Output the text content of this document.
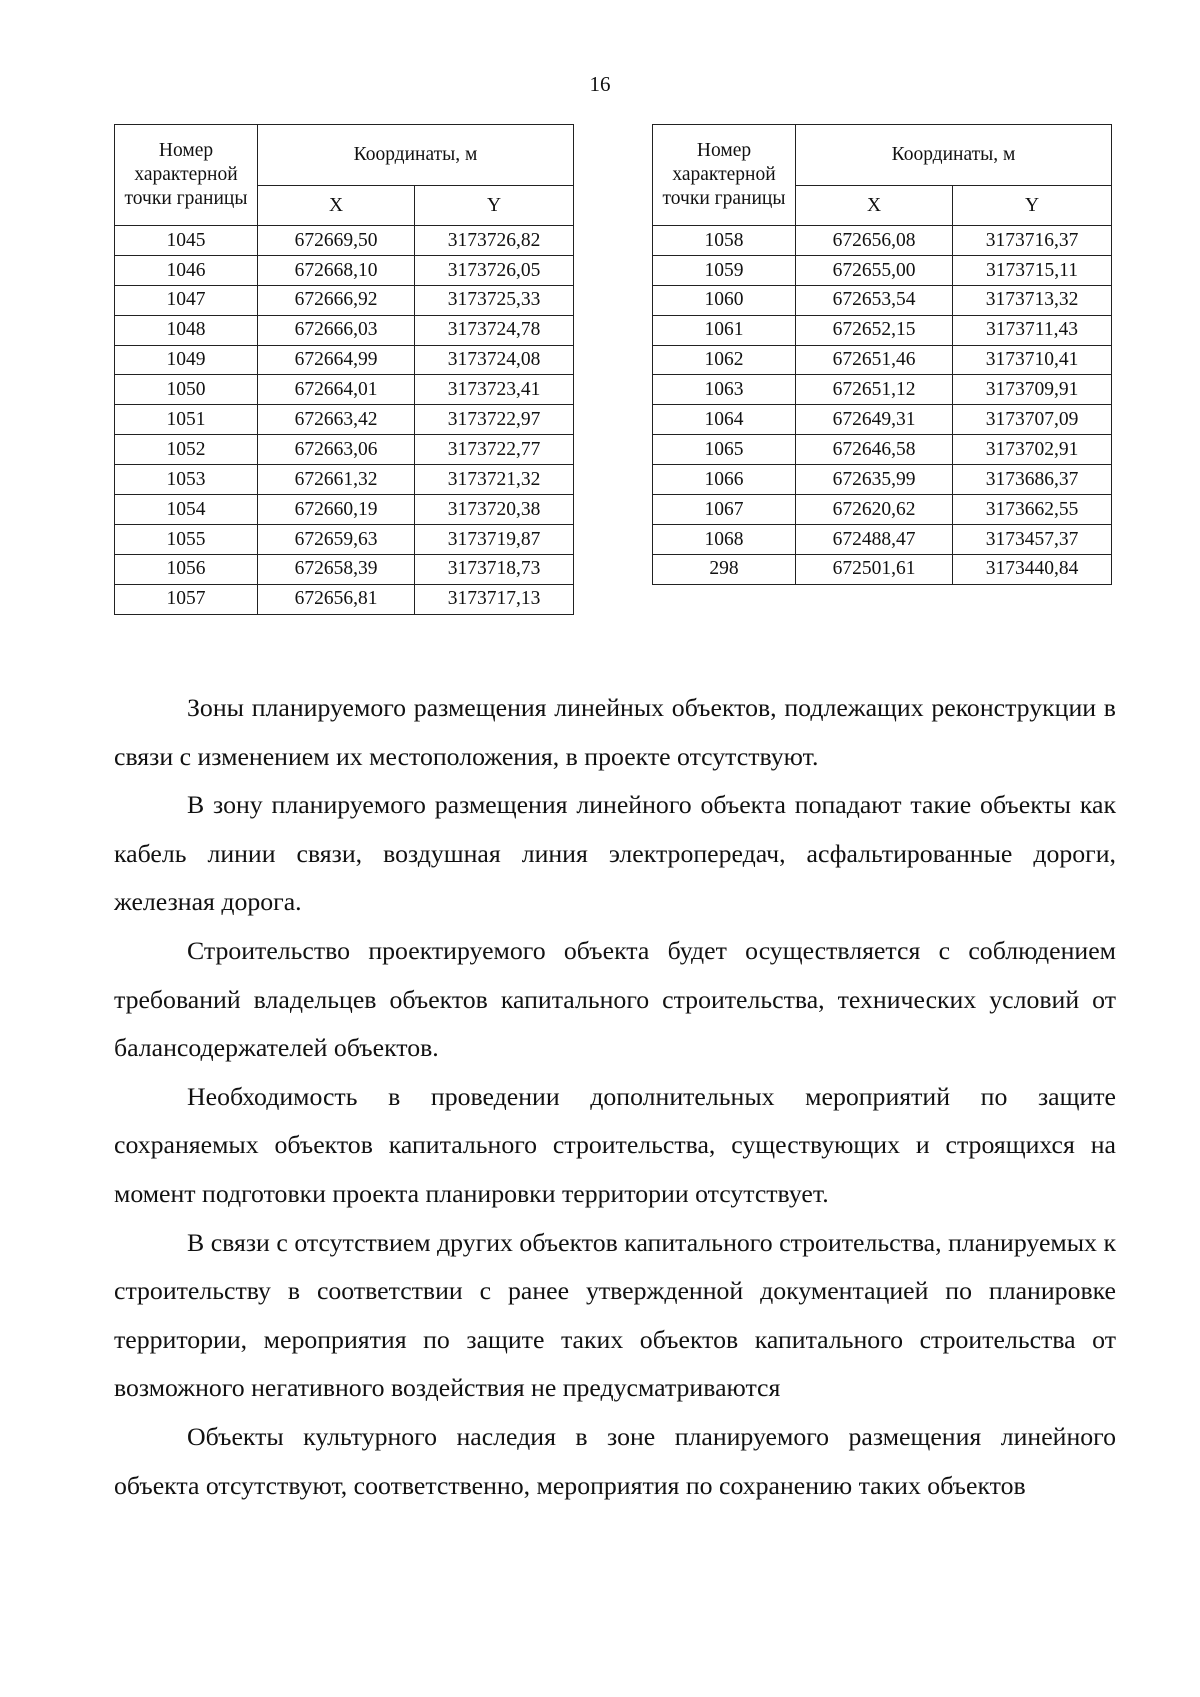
16
Номер характерной точки границы	Координаты, м	
	X	Y
1045	672669,50	3173726,82
1046	672668,10	3173726,05
1047	672666,92	3173725,33
1048	672666,03	3173724,78
1049	672664,99	3173724,08
1050	672664,01	3173723,41
1051	672663,42	3173722,97
1052	672663,06	3173722,77
1053	672661,32	3173721,32
1054	672660,19	3173720,38
1055	672659,63	3173719,87
1056	672658,39	3173718,73
1057	672656,81	3173717,13
Номер характерной точки границы	Координаты, м	
	X	Y
1058	672656,08	3173716,37
1059	672655,00	3173715,11
1060	672653,54	3173713,32
1061	672652,15	3173711,43
1062	672651,46	3173710,41
1063	672651,12	3173709,91
1064	672649,31	3173707,09
1065	672646,58	3173702,91
1066	672635,99	3173686,37
1067	672620,62	3173662,55
1068	672488,47	3173457,37
298	672501,61	3173440,84

Зоны планируемого размещения линейных объектов, подлежащих реконструкции в связи с изменением их местоположения, в проекте отсутствуют.

В зону планируемого размещения линейного объекта попадают такие объекты как кабель линии связи, воздушная линия электропередач, асфальтированные дороги, железная дорога.

Строительство проектируемого объекта будет осуществляется с соблюдением требований владельцев объектов капитального строительства, технических условий от балансодержателей объектов.

Необходимость в проведении дополнительных мероприятий по защите сохраняемых объектов капитального строительства, существующих и строящихся на момент подготовки проекта планировки территории отсутствует.

В связи с отсутствием других объектов капитального строительства, планируемых к строительству в соответствии с ранее утвержденной документацией по планировке территории, мероприятия по защите таких объектов капитального строительства от возможного негативного воздействия не предусматриваются

Объекты культурного наследия в зоне планируемого размещения линейного объекта отсутствуют, соответственно, мероприятия по сохранению таких объектов
